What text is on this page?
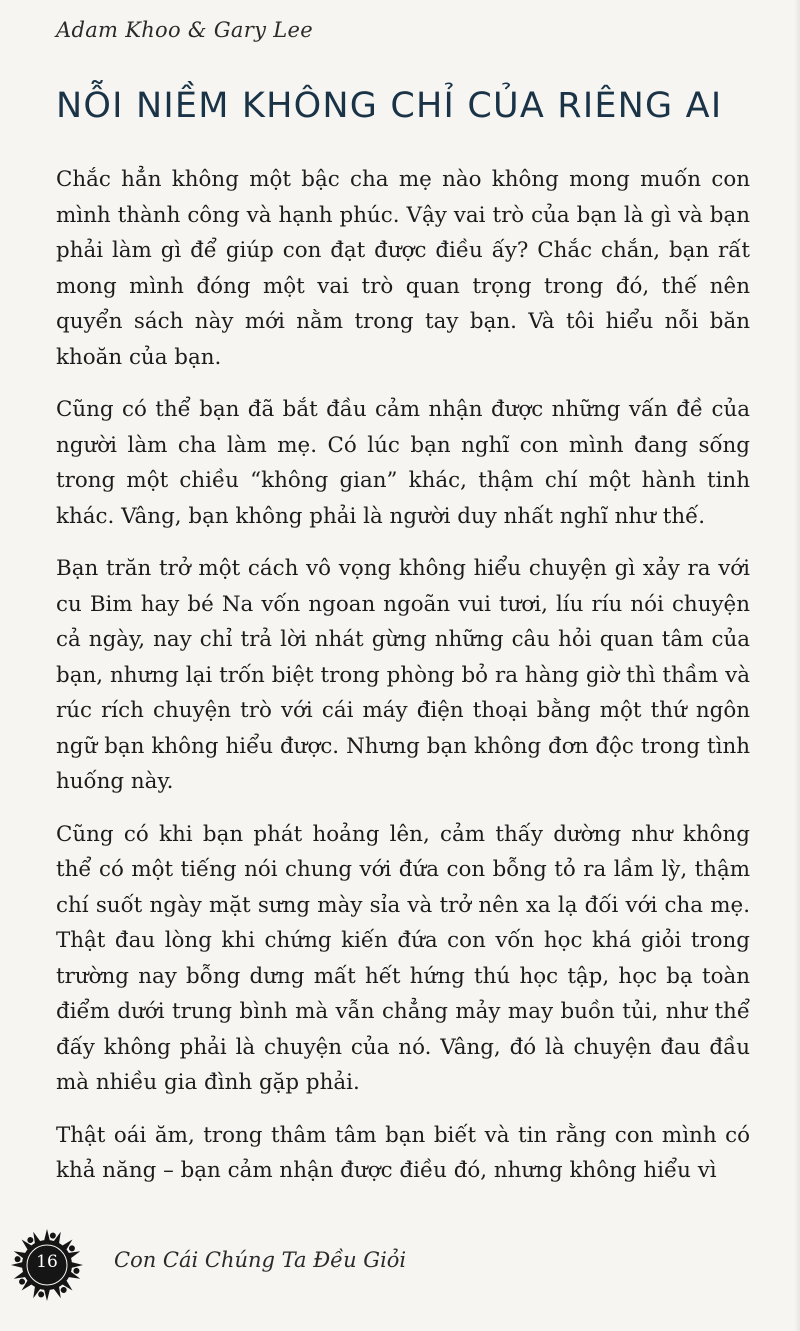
Adam Khoo & Gary Lee
NỖI NIỀM KHÔNG CHỈ CỦA RIÊNG AI

Chắc hẳn không một bậc cha mẹ nào không mong muốn con mình thành công và hạnh phúc. Vậy vai trò của bạn là gì và bạn phải làm gì để giúp con đạt được điều ấy? Chắc chắn, bạn rất mong mình đóng một vai trò quan trọng trong đó, thế nên quyển sách này mới nằm trong tay bạn. Và tôi hiểu nỗi băn khoăn của bạn.

Cũng có thể bạn đã bắt đầu cảm nhận được những vấn đề của người làm cha làm mẹ. Có lúc bạn nghĩ con mình đang sống trong một chiều “không gian” khác, thậm chí một hành tinh khác. Vâng, bạn không phải là người duy nhất nghĩ như thế.

Bạn trăn trở một cách vô vọng không hiểu chuyện gì xảy ra với cu Bim hay bé Na vốn ngoan ngoãn vui tươi, líu ríu nói chuyện cả ngày, nay chỉ trả lời nhát gừng những câu hỏi quan tâm của bạn, nhưng lại trốn biệt trong phòng bỏ ra hàng giờ thì thầm và rúc rích chuyện trò với cái máy điện thoại bằng một thứ ngôn ngữ bạn không hiểu được. Nhưng bạn không đơn độc trong tình huống này.

Cũng có khi bạn phát hoảng lên, cảm thấy dường như không thể có một tiếng nói chung với đứa con bỗng tỏ ra lầm lỳ, thậm chí suốt ngày mặt sưng mày sỉa và trở nên xa lạ đối với cha mẹ. Thật đau lòng khi chứng kiến đứa con vốn học khá giỏi trong trường nay bỗng dưng mất hết hứng thú học tập, học bạ toàn điểm dưới trung bình mà vẫn chẳng mảy may buồn tủi, như thể đấy không phải là chuyện của nó. Vâng, đó là chuyện đau đầu mà nhiều gia đình gặp phải.

Thật oái ăm, trong thâm tâm bạn biết và tin rằng con mình có khả năng – bạn cảm nhận được điều đó, nhưng không hiểu vì

16	Con Cái Chúng Ta Đều Giỏi
